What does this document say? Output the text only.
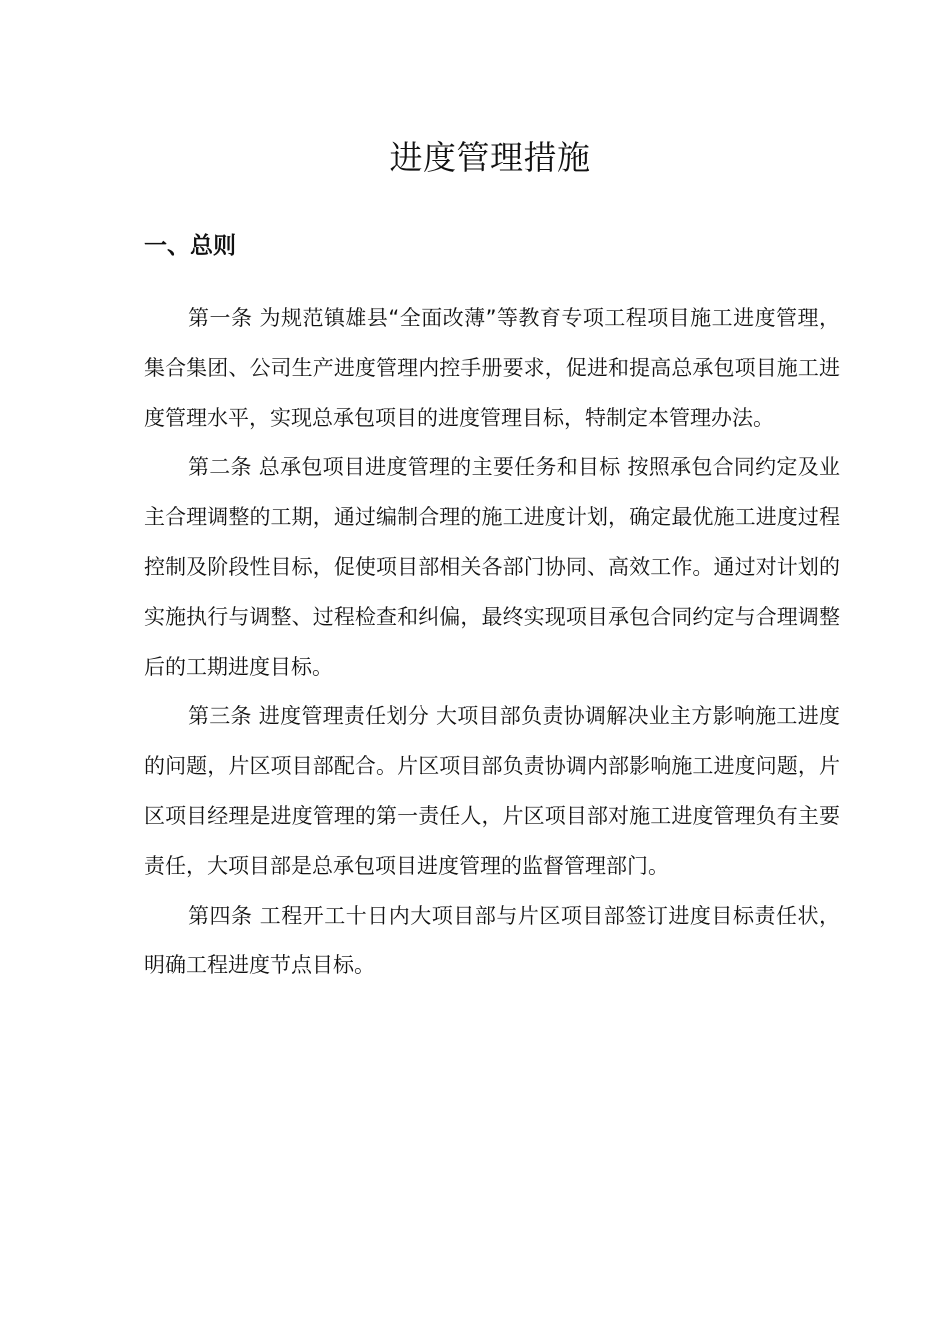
进度管理措施
一、总则

第一条 为规范镇雄县“全面改薄”等教育专项工程项目施工进度管理，集合集团、公司生产进度管理内控手册要求，促进和提高总承包项目施工进度管理水平，实现总承包项目的进度管理目标，特制定本管理办法。

第二条 总承包项目进度管理的主要任务和目标 按照承包合同约定及业主合理调整的工期，通过编制合理的施工进度计划，确定最优施工进度过程控制及阶段性目标，促使项目部相关各部门协同、高效工作。通过对计划的实施执行与调整、过程检查和纠偏，最终实现项目承包合同约定与合理调整后的工期进度目标。

第三条 进度管理责任划分 大项目部负责协调解决业主方影响施工进度的问题，片区项目部配合。片区项目部负责协调内部影响施工进度问题，片区项目经理是进度管理的第一责任人，片区项目部对施工进度管理负有主要责任，大项目部是总承包项目进度管理的监督管理部门。

第四条 工程开工十日内大项目部与片区项目部签订进度目标责任状，明确工程进度节点目标。
